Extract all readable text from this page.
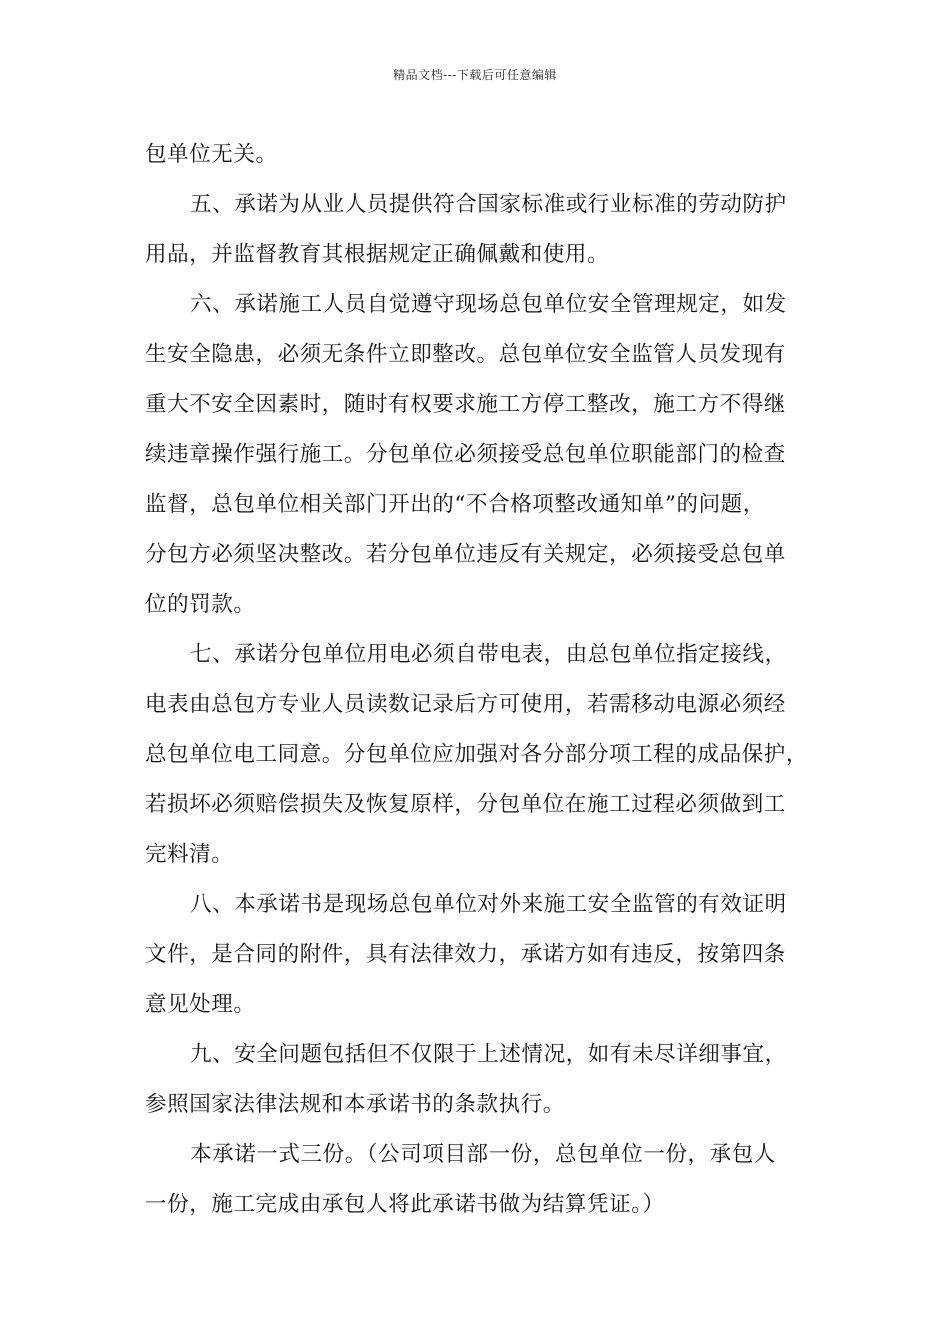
精品文档---下载后可任意编辑
包单位无关。
五、承诺为从业人员提供符合国家标准或行业标准的劳动防护
用品，并监督教育其根据规定正确佩戴和使用。
六、承诺施工人员自觉遵守现场总包单位安全管理规定，如发
生安全隐患，必须无条件立即整改。总包单位安全监管人员发现有
重大不安全因素时，随时有权要求施工方停工整改，施工方不得继
续违章操作强行施工。分包单位必须接受总包单位职能部门的检查
监督，总包单位相关部门开出的“不合格项整改通知单”的问题，
分包方必须坚决整改。若分包单位违反有关规定，必须接受总包单
位的罚款。
七、承诺分包单位用电必须自带电表，由总包单位指定接线，
电表由总包方专业人员读数记录后方可使用，若需移动电源必须经
总包单位电工同意。分包单位应加强对各分部分项工程的成品保护，
若损坏必须赔偿损失及恢复原样，分包单位在施工过程必须做到工
完料清。
八、本承诺书是现场总包单位对外来施工安全监管的有效证明
文件，是合同的附件，具有法律效力，承诺方如有违反，按第四条
意见处理。
九、安全问题包括但不仅限于上述情况，如有未尽详细事宜，
参照国家法律法规和本承诺书的条款执行。
本承诺一式三份。（公司项目部一份，总包单位一份，承包人
一份，施工完成由承包人将此承诺书做为结算凭证。）
